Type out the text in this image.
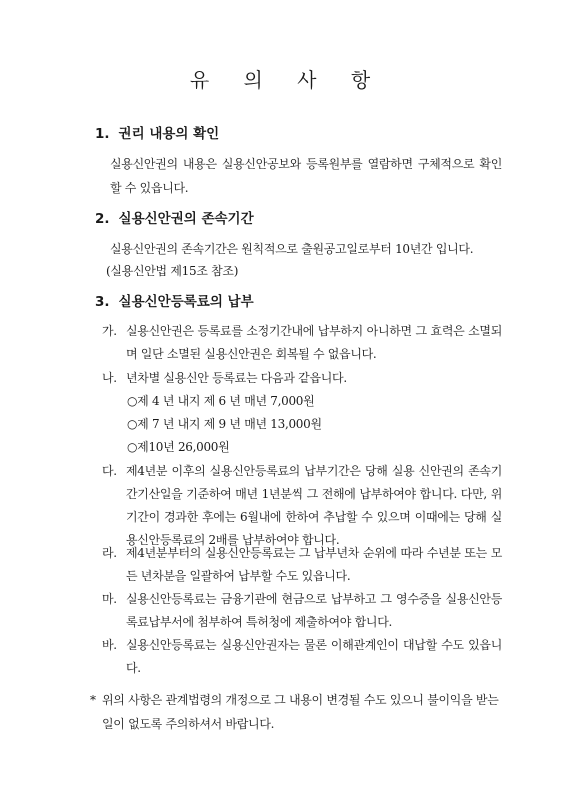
유 의 사 항
1. 권리 내용의 확인
실용신안권의 내용은 실용신안공보와 등록원부를 열람하면 구체적으로 확인할 수 있읍니다.
2. 실용신안권의 존속기간
실용신안권의 존속기간은 원칙적으로 출원공고일로부터 10년간 입니다.
(실용신안법 제15조 참조)
3. 실용신안등록료의 납부
가. 실용신안권은 등록료를 소정기간내에 납부하지 아니하면 그 효력은 소멸되며 일단 소멸된 실용신안권은 회복될 수 없읍니다.
나. 년차별 실용신안 등록료는 다음과 같읍니다.
○제 4 년 내지 제 6 년 매년 7,000원
○제 7 년 내지 제 9 년 매년 13,000원
○제10년 26,000원
다. 제4년분 이후의 실용신안등록료의 납부기간은 당해 실용 신안권의 존속기간기산일을 기준하여 매년 1년분씩 그 전해에 납부하여야 합니다. 다만, 위 기간이 경과한 후에는 6월내에 한하여 추납할 수 있으며 이때에는 당해 실용신안등록료의 2배를 납부하여야 합니다.
라. 제4년분부터의 실용신안등록료는 그 납부년차 순위에 따라 수년분 또는 모든 년차분을 일괄하여 납부할 수도 있읍니다.
마. 실용신안등록료는 금융기관에 현금으로 납부하고 그 영수증을 실용신안등록료납부서에 첨부하여 특허청에 제출하여야 합니다.
바. 실용신안등록료는 실용신안권자는 물론 이해관계인이 대납할 수도 있읍니다.
* 위의 사항은 관계법령의 개정으로 그 내용이 변경될 수도 있으니 불이익을 받는 일이 없도록 주의하셔서 바랍니다.
